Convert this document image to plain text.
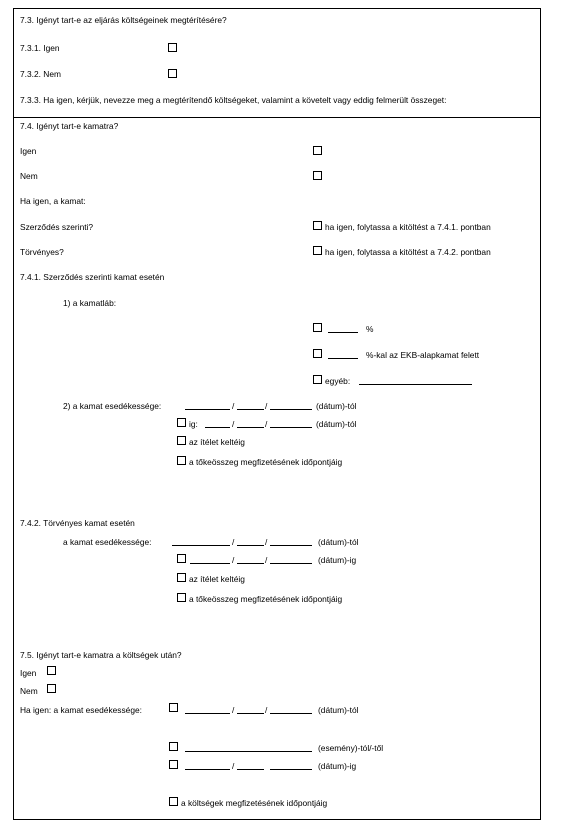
7.3. Igényt tart-e az eljárás költségeinek megtérítésére?
7.3.1. Igen
7.3.2. Nem
7.3.3. Ha igen, kérjük, nevezze meg a megtérítendő költségeket, valamint a követelt vagy eddig felmerült összeget:
7.4. Igényt tart-e kamatra?
Igen
Nem
Ha igen, a kamat:
Szerződés szerinti?	ha igen, folytassa a kitöltést a 7.4.1. pontban
Törvényes?	ha igen, folytassa a kitöltést a 7.4.2. pontban
7.4.1. Szerződés szerinti kamat esetén
1) a kamatláb:
%
%-kal az EKB-alapkamat felett
egyéb:
2) a kamat esedékessége:	/	/	(dátum)-tól
ig:	/	/	(dátum)-tól
az ítélet keltéig
a tőkeösszeg megfizetésének időpontjáig
7.4.2. Törvényes kamat esetén
a kamat esedékessége:	/	/	(dátum)-tól
/	/	(dátum)-ig
az ítélet keltéig
a tőkeösszeg megfizetésének időpontjáig
7.5. Igényt tart-e kamatra a költségek után?
Igen
Nem
Ha igen: a kamat esedékessége:	/	/	(dátum)-tól
(esemény)-tól/-től
/	(dátum)-ig
a költségek megfizetésének időpontjáig
